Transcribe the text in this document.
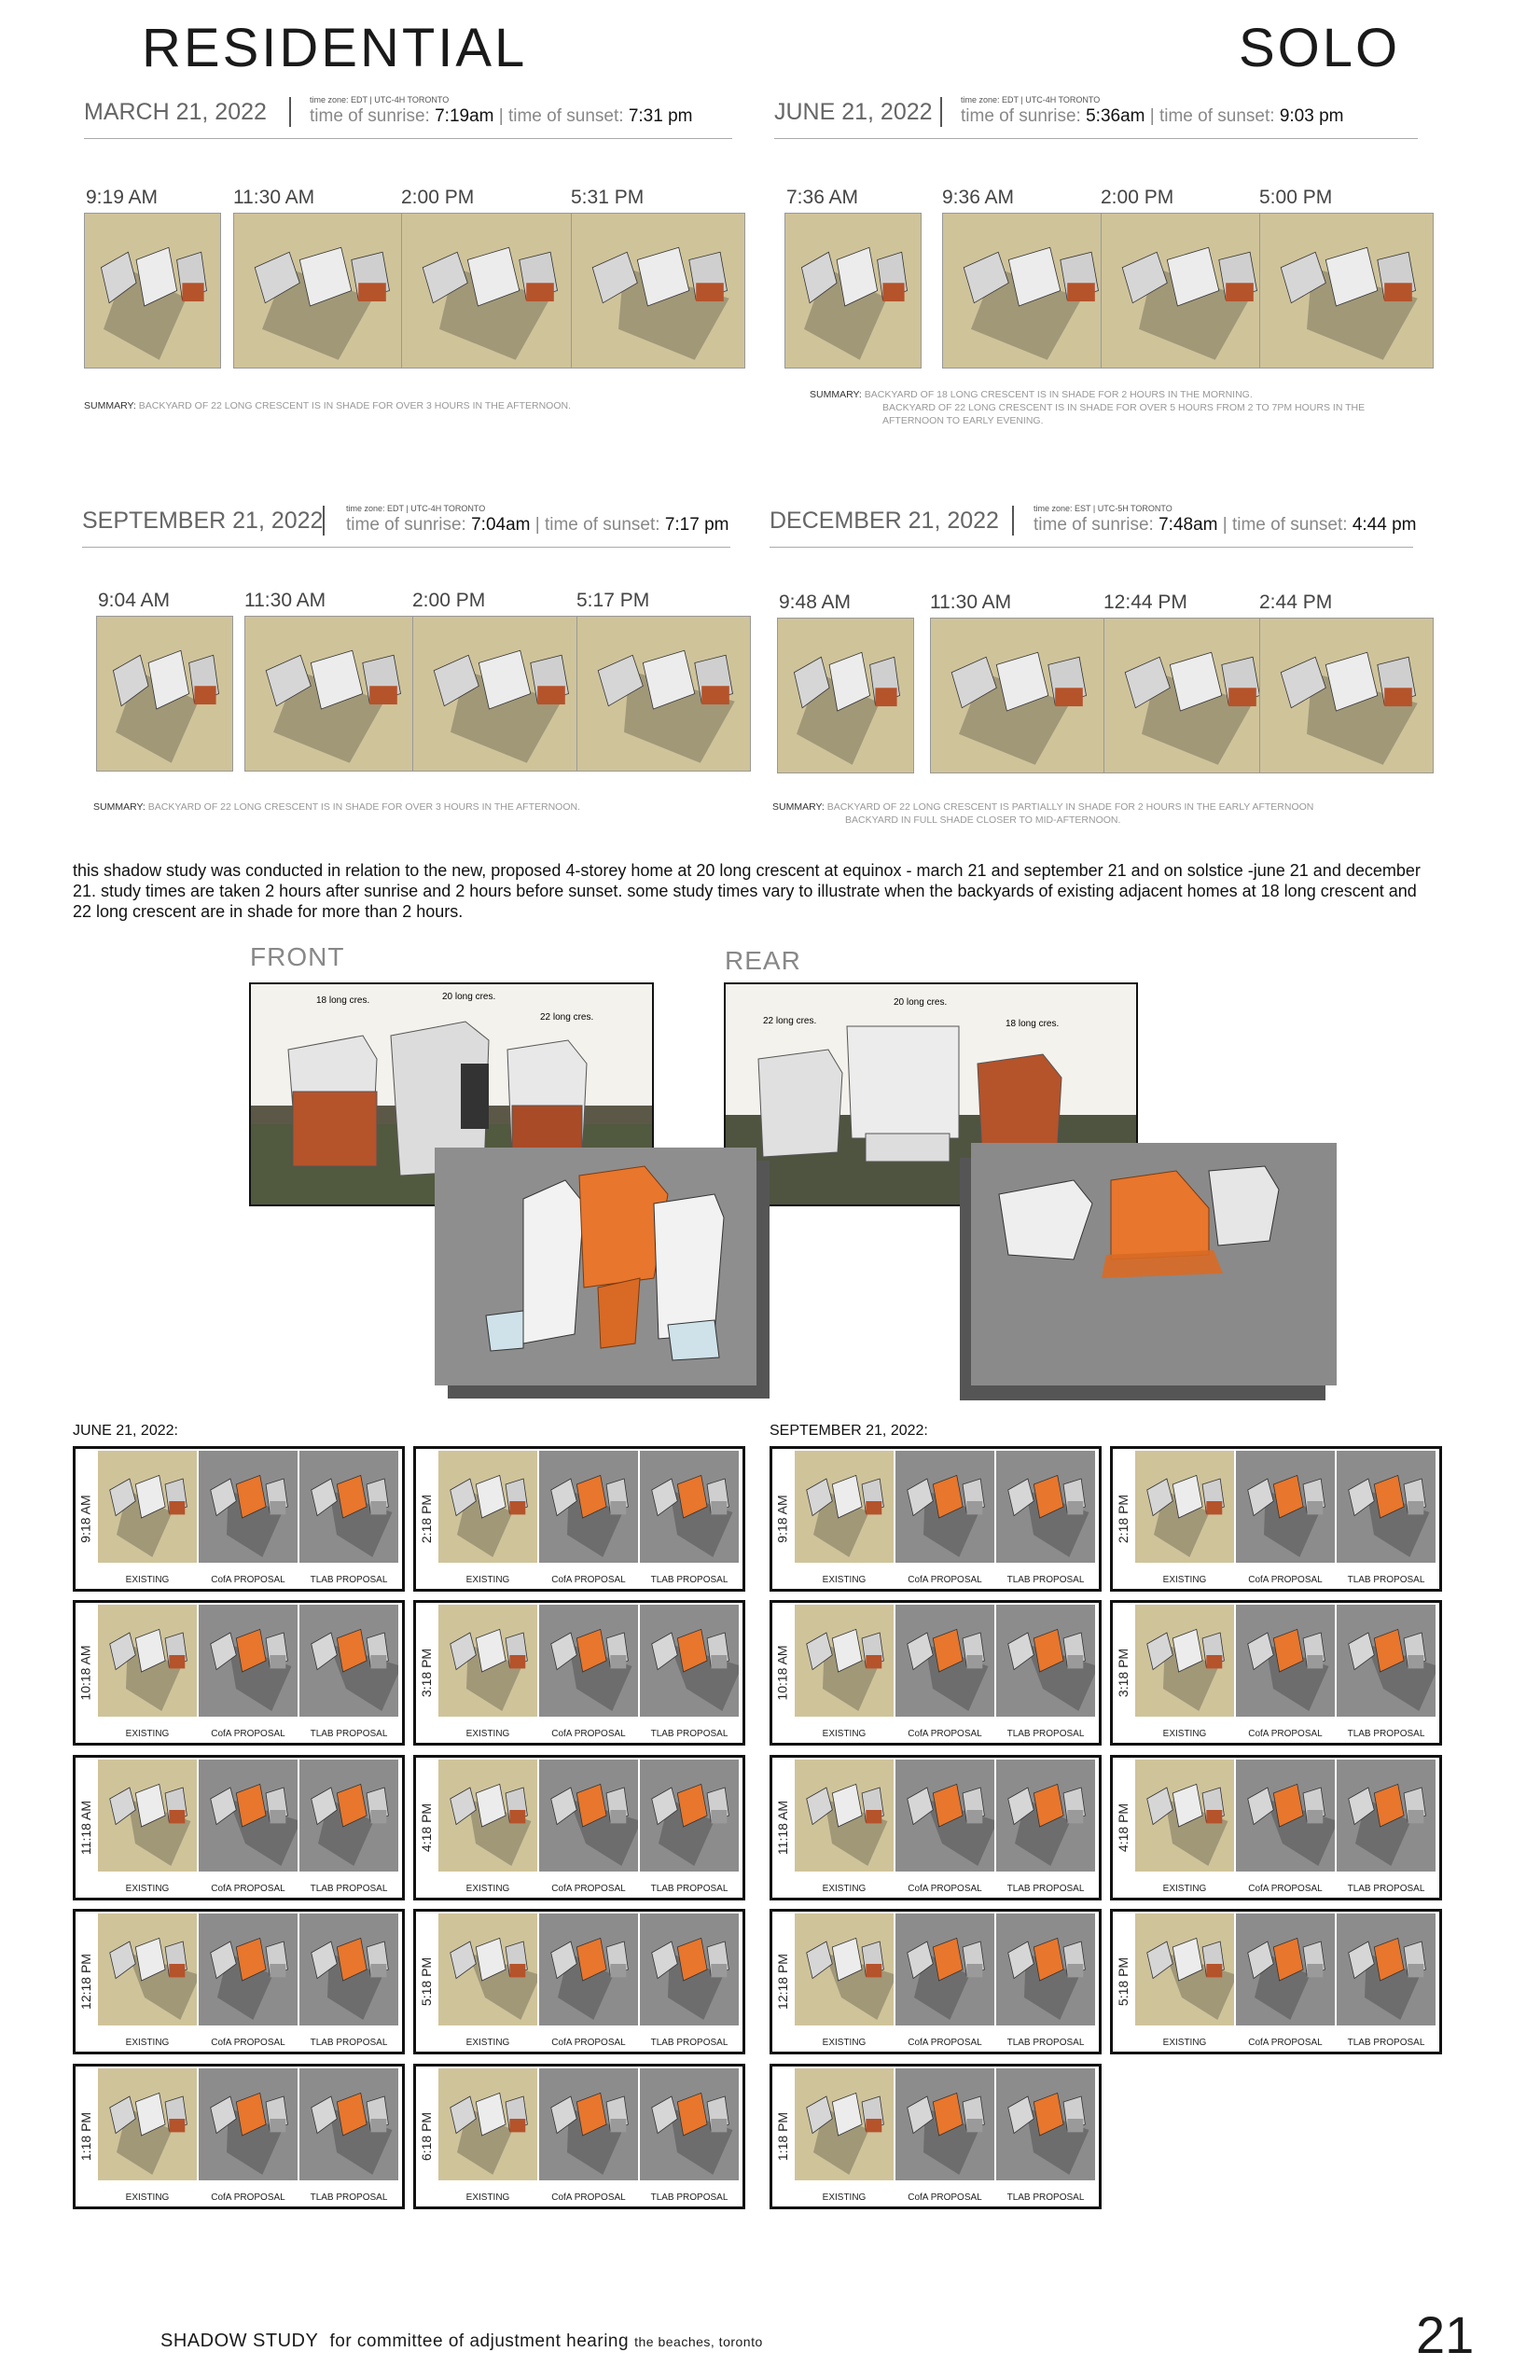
RESIDENTIAL	SOLO
MARCH 21, 2022	time zone: EDT | UTC-4H TORONTO
time of sunrise: 7:19am | time of sunset: 7:31 pm
9:19 AM	11:30 AM	2:00 PM	5:31 PM
SUMMARY: BACKYARD OF 22 LONG CRESCENT IS IN SHADE FOR OVER 3 HOURS IN THE AFTERNOON.
JUNE 21, 2022	time zone: EDT | UTC-4H TORONTO
time of sunrise: 5:36am | time of sunset: 9:03 pm
7:36 AM	9:36 AM	2:00 PM	5:00 PM
SUMMARY: BACKYARD OF 18 LONG CRESCENT IS IN SHADE FOR 2 HOURS IN THE MORNING.
BACKYARD OF 22 LONG CRESCENT IS IN SHADE FOR OVER 5 HOURS FROM 2 TO 7PM HOURS IN THE AFTERNOON TO EARLY EVENING.
SEPTEMBER 21, 2022	time zone: EDT | UTC-4H TORONTO
time of sunrise: 7:04am | time of sunset: 7:17 pm
9:04 AM	11:30 AM	2:00 PM	5:17 PM
SUMMARY: BACKYARD OF 22 LONG CRESCENT IS IN SHADE FOR OVER 3 HOURS IN THE AFTERNOON.
DECEMBER 21, 2022	time zone: EST | UTC-5H TORONTO
time of sunrise: 7:48am | time of sunset: 4:44 pm
9:48 AM	11:30 AM	12:44 PM	2:44 PM
SUMMARY: BACKYARD OF 22 LONG CRESCENT IS PARTIALLY IN SHADE FOR 2 HOURS IN THE EARLY AFTERNOON
BACKYARD IN FULL SHADE CLOSER TO MID-AFTERNOON.
this shadow study was conducted in relation to the new, proposed 4-storey home at 20 long crescent at equinox - march 21 and september 21 and on solstice -june 21 and december 21. study times are taken 2 hours after sunrise and 2 hours before sunset. some study times vary to illustrate when the backyards of existing adjacent homes at 18 long crescent and 22 long crescent are in shade for more than 2 hours.
FRONT	REAR
18 long cres.	20 long cres.
22 long cres.	22 long cres.
20 long cres.
18 long cres.
JUNE 21, 2022:	SEPTEMBER 21, 2022:
9:18 AM
EXISTING	CofA PROPOSAL	TLAB PROPOSAL
10:18 AM
EXISTING	CofA PROPOSAL	TLAB PROPOSAL
11:18 AM
EXISTING	CofA PROPOSAL	TLAB PROPOSAL
12:18 PM
EXISTING	CofA PROPOSAL	TLAB PROPOSAL
1:18 PM
EXISTING	CofA PROPOSAL	TLAB PROPOSAL
2:18 PM
EXISTING	CofA PROPOSAL	TLAB PROPOSAL
3:18 PM
EXISTING	CofA PROPOSAL	TLAB PROPOSAL
4:18 PM
EXISTING	CofA PROPOSAL	TLAB PROPOSAL
5:18 PM
EXISTING	CofA PROPOSAL	TLAB PROPOSAL
6:18 PM
EXISTING	CofA PROPOSAL	TLAB PROPOSAL
9:18 AM
EXISTING	CofA PROPOSAL	TLAB PROPOSAL
10:18 AM
EXISTING	CofA PROPOSAL	TLAB PROPOSAL
11:18 AM
EXISTING	CofA PROPOSAL	TLAB PROPOSAL
12:18 PM
EXISTING	CofA PROPOSAL	TLAB PROPOSAL
1:18 PM
EXISTING	CofA PROPOSAL	TLAB PROPOSAL
2:18 PM
EXISTING	CofA PROPOSAL	TLAB PROPOSAL
3:18 PM
EXISTING	CofA PROPOSAL	TLAB PROPOSAL
4:18 PM
EXISTING	CofA PROPOSAL	TLAB PROPOSAL
5:18 PM
EXISTING	CofA PROPOSAL	TLAB PROPOSAL
SHADOW STUDY for committee of adjustment hearing the beaches, toronto	21
